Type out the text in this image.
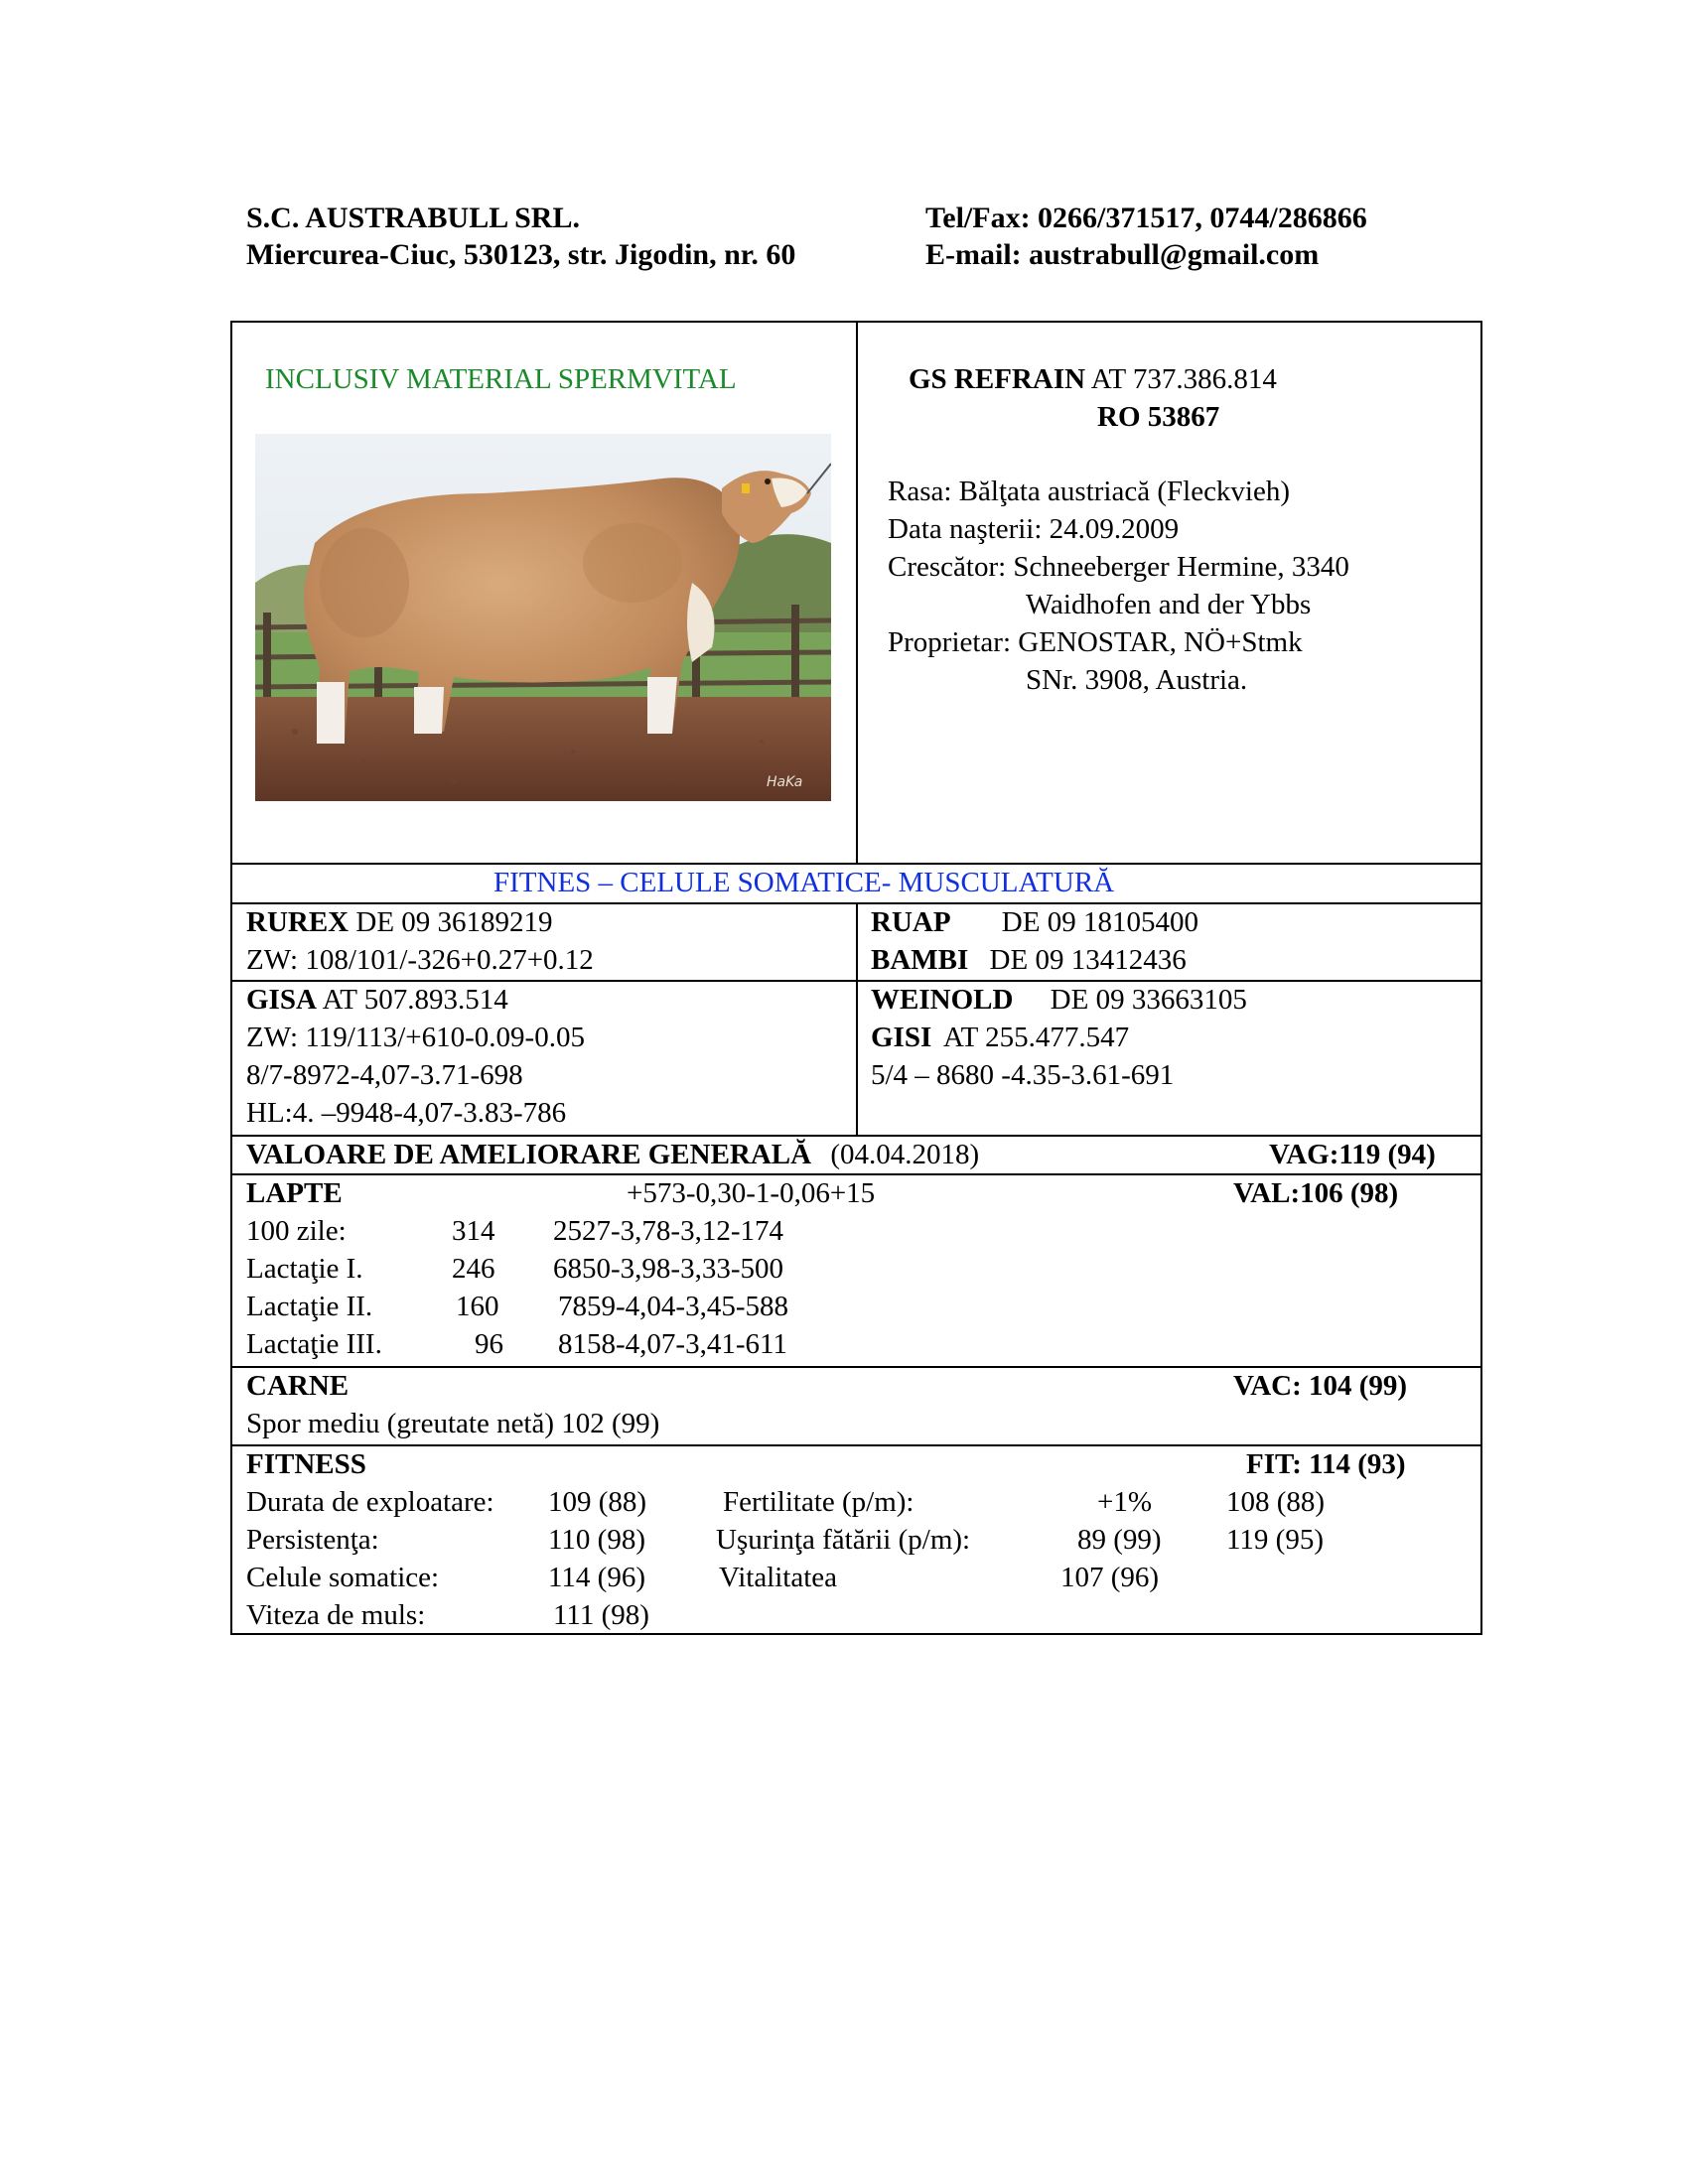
S.C. AUSTRABULL SRL.
Miercurea-Ciuc, 530123, str. Jigodin, nr. 60
Tel/Fax: 0266/371517, 0744/286866
E-mail: austrabull@gmail.com
INCLUSIV MATERIAL SPERMVITAL
HaKa
GS REFRAIN AT 737.386.814
RO 53867
Rasa: Bălţata austriacă (Fleckvieh)
Data naşterii: 24.09.2009
Crescător: Schneeberger Hermine, 3340
Waidhofen and der Ybbs
Proprietar: GENOSTAR, NÖ+Stmk
SNr. 3908, Austria.
FITNES – CELULE SOMATICE- MUSCULATURĂ
RUREX DE 09 36189219
ZW: 108/101/-326+0.27+0.12
RUAP DE 09 18105400
BAMBI DE 09 13412436
GISA AT 507.893.514
ZW: 119/113/+610-0.09-0.05
8/7-8972-4,07-3.71-698
HL:4. –9948-4,07-3.83-786
WEINOLD DE 09 33663105
GISI AT 255.477.547
5/4 – 8680 -4.35-3.61-691
VALOARE DE AMELIORARE GENERALĂ (04.04.2018)	VAG:119 (94)
LAPTE	+573-0,30-1-0,06+15	VAL:106 (98)
100 zile:	314 2527-3,78-3,12-174
Lactaţie I.	246 6850-3,98-3,33-500
Lactaţie II.	160 7859-4,04-3,45-588
Lactaţie III.	96 8158-4,07-3,41-611
CARNE	VAC: 104 (99)
Spor mediu (greutate netă) 102 (99)
FITNESS	FIT: 114 (93)
Durata de exploatare: 109 (88)	Fertilitate (p/m):	+1%	108 (88)
Persistenţa:	110 (98) Uşurinţa fătării (p/m):	89 (99) 119 (95)
Celule somatice:	114 (96)	Vitalitatea	107 (96)
Viteza de muls:	111 (98)
